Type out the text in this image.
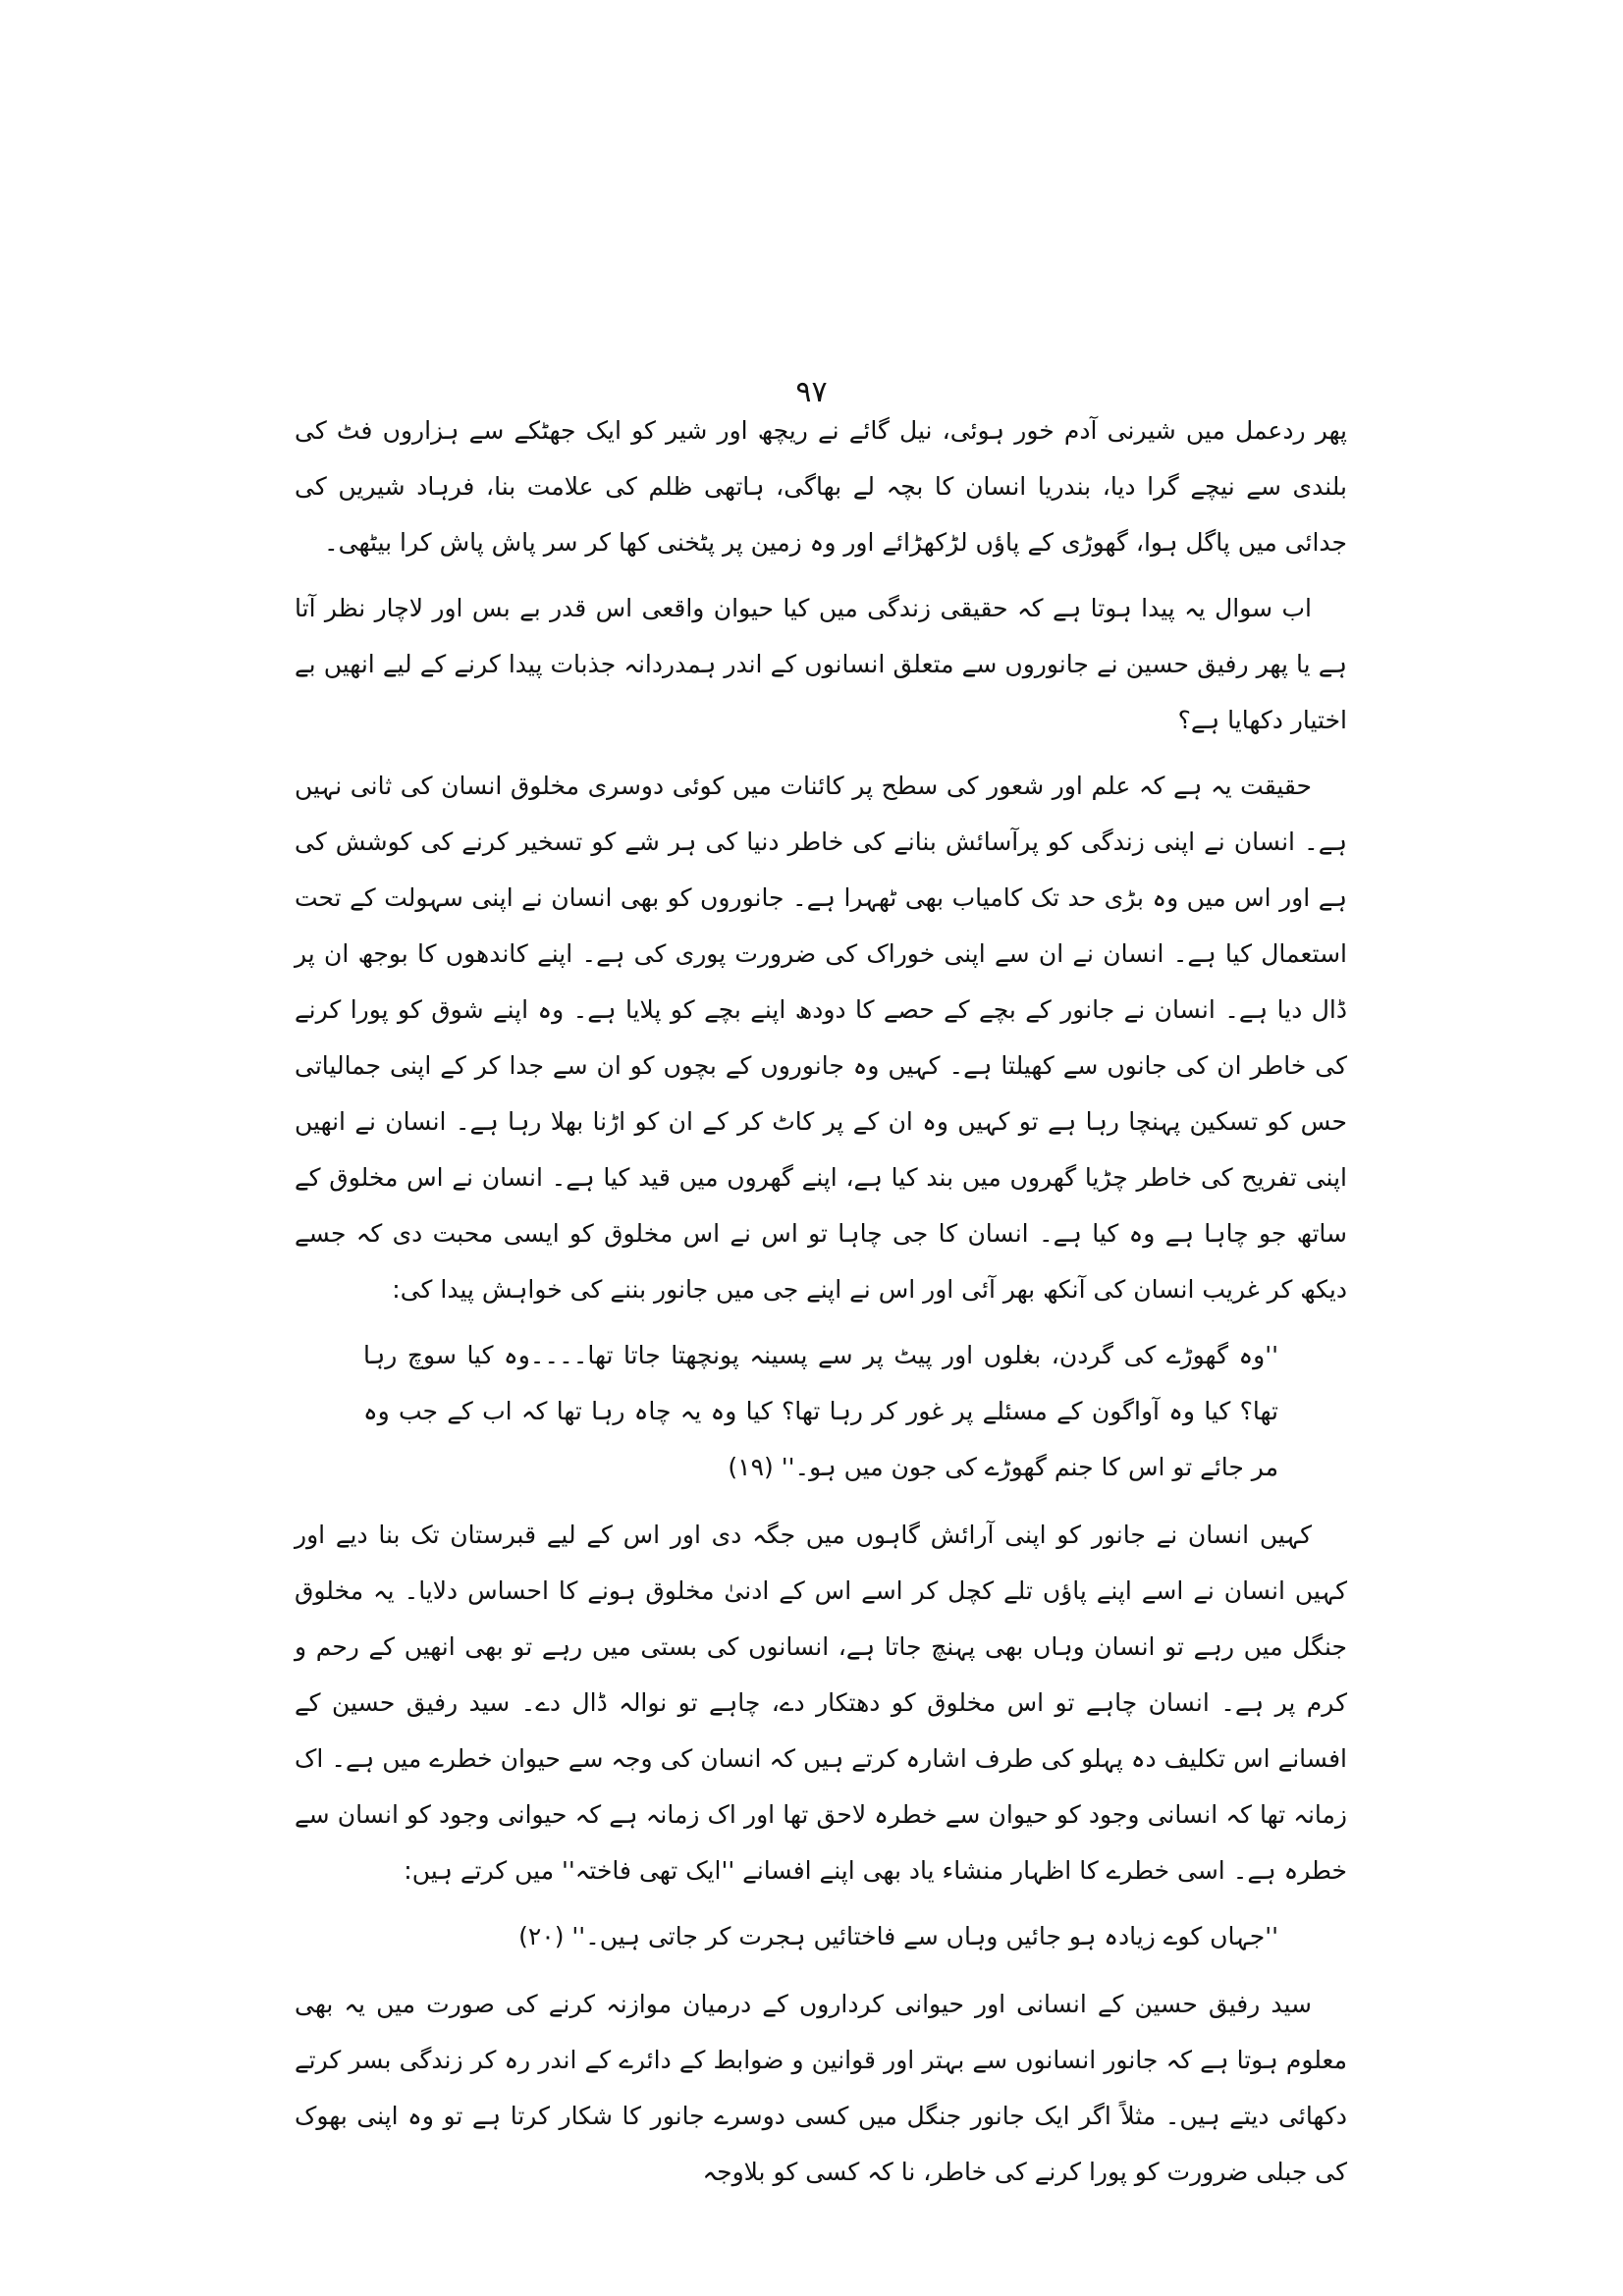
۹۷

پھر ردعمل میں شیرنی آدم خور ہوئی، نیل گائے نے ریچھ اور شیر کو ایک جھٹکے سے ہزاروں فٹ کی بلندی سے نیچے گرا دیا، بندریا انسان کا بچہ لے بھاگی، ہاتھی ظلم کی علامت بنا، فرہاد شیریں کی جدائی میں پاگل ہوا، گھوڑی کے پاؤں لڑکھڑائے اور وہ زمین پر پٹخنی کھا کر سر پاش پاش کرا بیٹھی۔

اب سوال یہ پیدا ہوتا ہے کہ حقیقی زندگی میں کیا حیوان واقعی اس قدر بے بس اور لاچار نظر آتا ہے یا پھر رفیق حسین نے جانوروں سے متعلق انسانوں کے اندر ہمدردانہ جذبات پیدا کرنے کے لیے انھیں بے اختیار دکھایا ہے؟

حقیقت یہ ہے کہ علم اور شعور کی سطح پر کائنات میں کوئی دوسری مخلوق انسان کی ثانی نہیں ہے۔ انسان نے اپنی زندگی کو پرآسائش بنانے کی خاطر دنیا کی ہر شے کو تسخیر کرنے کی کوشش کی ہے اور اس میں وہ بڑی حد تک کامیاب بھی ٹھہرا ہے۔ جانوروں کو بھی انسان نے اپنی سہولت کے تحت استعمال کیا ہے۔ انسان نے ان سے اپنی خوراک کی ضرورت پوری کی ہے۔ اپنے کاندھوں کا بوجھ ان پر ڈال دیا ہے۔ انسان نے جانور کے بچے کے حصے کا دودھ اپنے بچے کو پلایا ہے۔ وہ اپنے شوق کو پورا کرنے کی خاطر ان کی جانوں سے کھیلتا ہے۔ کہیں وہ جانوروں کے بچوں کو ان سے جدا کر کے اپنی جمالیاتی حس کو تسکین پہنچا رہا ہے تو کہیں وہ ان کے پر کاٹ کر کے ان کو اڑنا بھلا رہا ہے۔ انسان نے انھیں اپنی تفریح کی خاطر چڑیا گھروں میں بند کیا ہے، اپنے گھروں میں قید کیا ہے۔ انسان نے اس مخلوق کے ساتھ جو چاہا ہے وہ کیا ہے۔ انسان کا جی چاہا تو اس نے اس مخلوق کو ایسی محبت دی کہ جسے دیکھ کر غریب انسان کی آنکھ بھر آئی اور اس نے اپنے جی میں جانور بننے کی خواہش پیدا کی:

''وہ گھوڑے کی گردن، بغلوں اور پیٹ پر سے پسینہ پونچھتا جاتا تھا۔۔۔۔وہ کیا سوچ رہا تھا؟ کیا وہ آواگون کے مسئلے پر غور کر رہا تھا؟ کیا وہ یہ چاہ رہا تھا کہ اب کے جب وہ مر جائے تو اس کا جنم گھوڑے کی جون میں ہو۔'' (۱۹)

کہیں انسان نے جانور کو اپنی آرائش گاہوں میں جگہ دی اور اس کے لیے قبرستان تک بنا دیے اور کہیں انسان نے اسے اپنے پاؤں تلے کچل کر اسے اس کے ادنیٰ مخلوق ہونے کا احساس دلایا۔ یہ مخلوق جنگل میں رہے تو انسان وہاں بھی پہنچ جاتا ہے، انسانوں کی بستی میں رہے تو بھی انھیں کے رحم و کرم پر ہے۔ انسان چاہے تو اس مخلوق کو دھتکار دے، چاہے تو نوالہ ڈال دے۔ سید رفیق حسین کے افسانے اس تکلیف دہ پہلو کی طرف اشارہ کرتے ہیں کہ انسان کی وجہ سے حیوان خطرے میں ہے۔ اک زمانہ تھا کہ انسانی وجود کو حیوان سے خطرہ لاحق تھا اور اک زمانہ ہے کہ حیوانی وجود کو انسان سے خطرہ ہے۔ اسی خطرے کا اظہار منشاء یاد بھی اپنے افسانے ''ایک تھی فاختہ'' میں کرتے ہیں:

''جہاں کوے زیادہ ہو جائیں وہاں سے فاختائیں ہجرت کر جاتی ہیں۔'' (۲۰)

سید رفیق حسین کے انسانی اور حیوانی کرداروں کے درمیان موازنہ کرنے کی صورت میں یہ بھی معلوم ہوتا ہے کہ جانور انسانوں سے بہتر اور قوانین و ضوابط کے دائرے کے اندر رہ کر زندگی بسر کرتے دکھائی دیتے ہیں۔ مثلاً اگر ایک جانور جنگل میں کسی دوسرے جانور کا شکار کرتا ہے تو وہ اپنی بھوک کی جبلی ضرورت کو پورا کرنے کی خاطر، نا کہ کسی کو بلاوجہ
